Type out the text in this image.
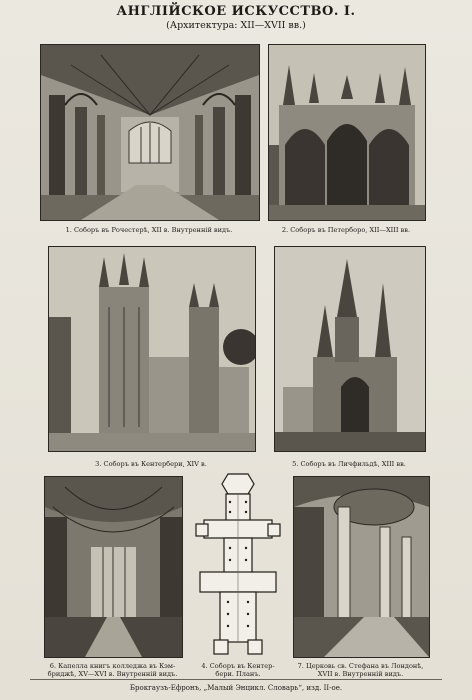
АНГЛІЙСКОЕ ИСКУССТВО. I.
(Архитектура: XII—XVII вв.)
1. Соборъ въ Рочестерѣ, XII в. Внутренній видъ.	2. Соборъ въ Петерборо, XII—XIII вв.
3. Соборъ въ Кентербери, XIV в.	5. Соборъ въ Личфильдѣ, XIII вв.
6. Капелла книгъ колледжа въ Кэм-
бриджѣ, XV—XVI в. Внутренній видъ.
4. Соборъ въ Кентер-
бери. Планъ.
7. Церковь св. Стефана въ Лондонѣ,
XVII в. Внутренній видъ.
Брокгаузъ-Ефронъ, „Малый Энцикл. Словарь“, изд. II-ое.
